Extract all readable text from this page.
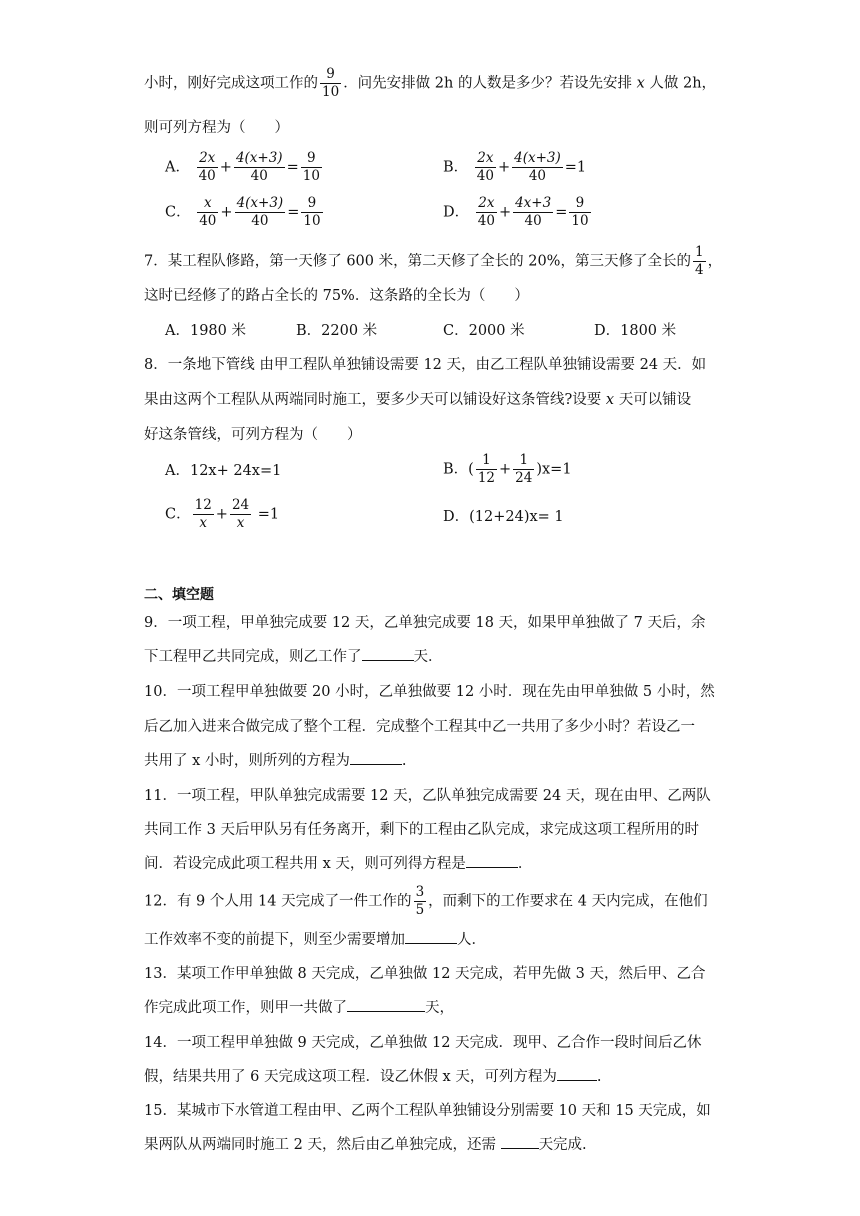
小时，刚好完成这项工作的 $\frac{9}{10}$ ．问先安排做 2h 的人数是多少？若设先安排 x 人做 2h，
则可列方程为（　　）
A． $\frac{2x}{40} + \frac{4(x+3)}{40} = \frac{9}{10}$	B． $\frac{2x}{40} + \frac{4(x+3)}{40} =1$
C． $\frac{x}{40} + \frac{4(x+3)}{40} = \frac{9}{10}$	D． $\frac{2x}{40} + \frac{4x+3}{40} = \frac{9}{10}$
7．某工程队修路，第一天修了 600 米，第二天修了全长的 20%，第三天修了全长的 $\frac{1}{4}$ ，
这时已经修了的路占全长的 75%．这条路的全长为（　　）
A．1980 米	B．2200 米	C．2000 米	D．1800 米
8．一条地下管线 由甲工程队单独铺设需要 12 天，由乙工程队单独铺设需要 24 天．如
果由这两个工程队从两端同时施工，要多少天可以铺设好这条管线?设要 x 天可以铺设
好这条管线，可列方程为（　　）
A．12x+ 24x=1	B．( $\frac{1}{12} + \frac{1}{24} )x=1$
C． $\frac{12}{x} + \frac{24}{x} =1$	D．(12+24)x= 1
二、填空题
9．一项工程，甲单独完成要 12 天，乙单独完成要 18 天，如果甲单独做了 7 天后，余
下工程甲乙共同完成，则乙工作了	天．
10．一项工程甲单独做要 20 小时，乙单独做要 12 小时．现在先由甲单独做 5 小时，然
后乙加入进来合做完成了整个工程．完成整个工程其中乙一共用了多少小时？若设乙一
共用了 x 小时，则所列的方程为	.
11．一项工程，甲队单独完成需要 12 天，乙队单独完成需要 24 天，现在由甲、乙两队
共同工作 3 天后甲队另有任务离开，剩下的工程由乙队完成，求完成这项工程所用的时
间．若设完成此项工程共用 x 天，则可列得方程是	．
12．有 9 个人用 14 天完成了一件工作的 $\frac{3}{5}$ ，而剩下的工作要求在 4 天内完成，在他们
工作效率不变的前提下，则至少需要增加	人．
13．某项工作甲单独做 8 天完成，乙单独做 12 天完成，若甲先做 3 天，然后甲、乙合
作完成此项工作，则甲一共做了	天，
14．一项工程甲单独做 9 天完成，乙单独做 12 天完成．现甲、乙合作一段时间后乙休
假，结果共用了 6 天完成这项工程．设乙休假 x 天，可列方程为	.
15．某城市下水管道工程由甲、乙两个工程队单独铺设分别需要 10 天和 15 天完成，如
果两队从两端同时施工 2 天，然后由乙单独完成，还需	天完成.
